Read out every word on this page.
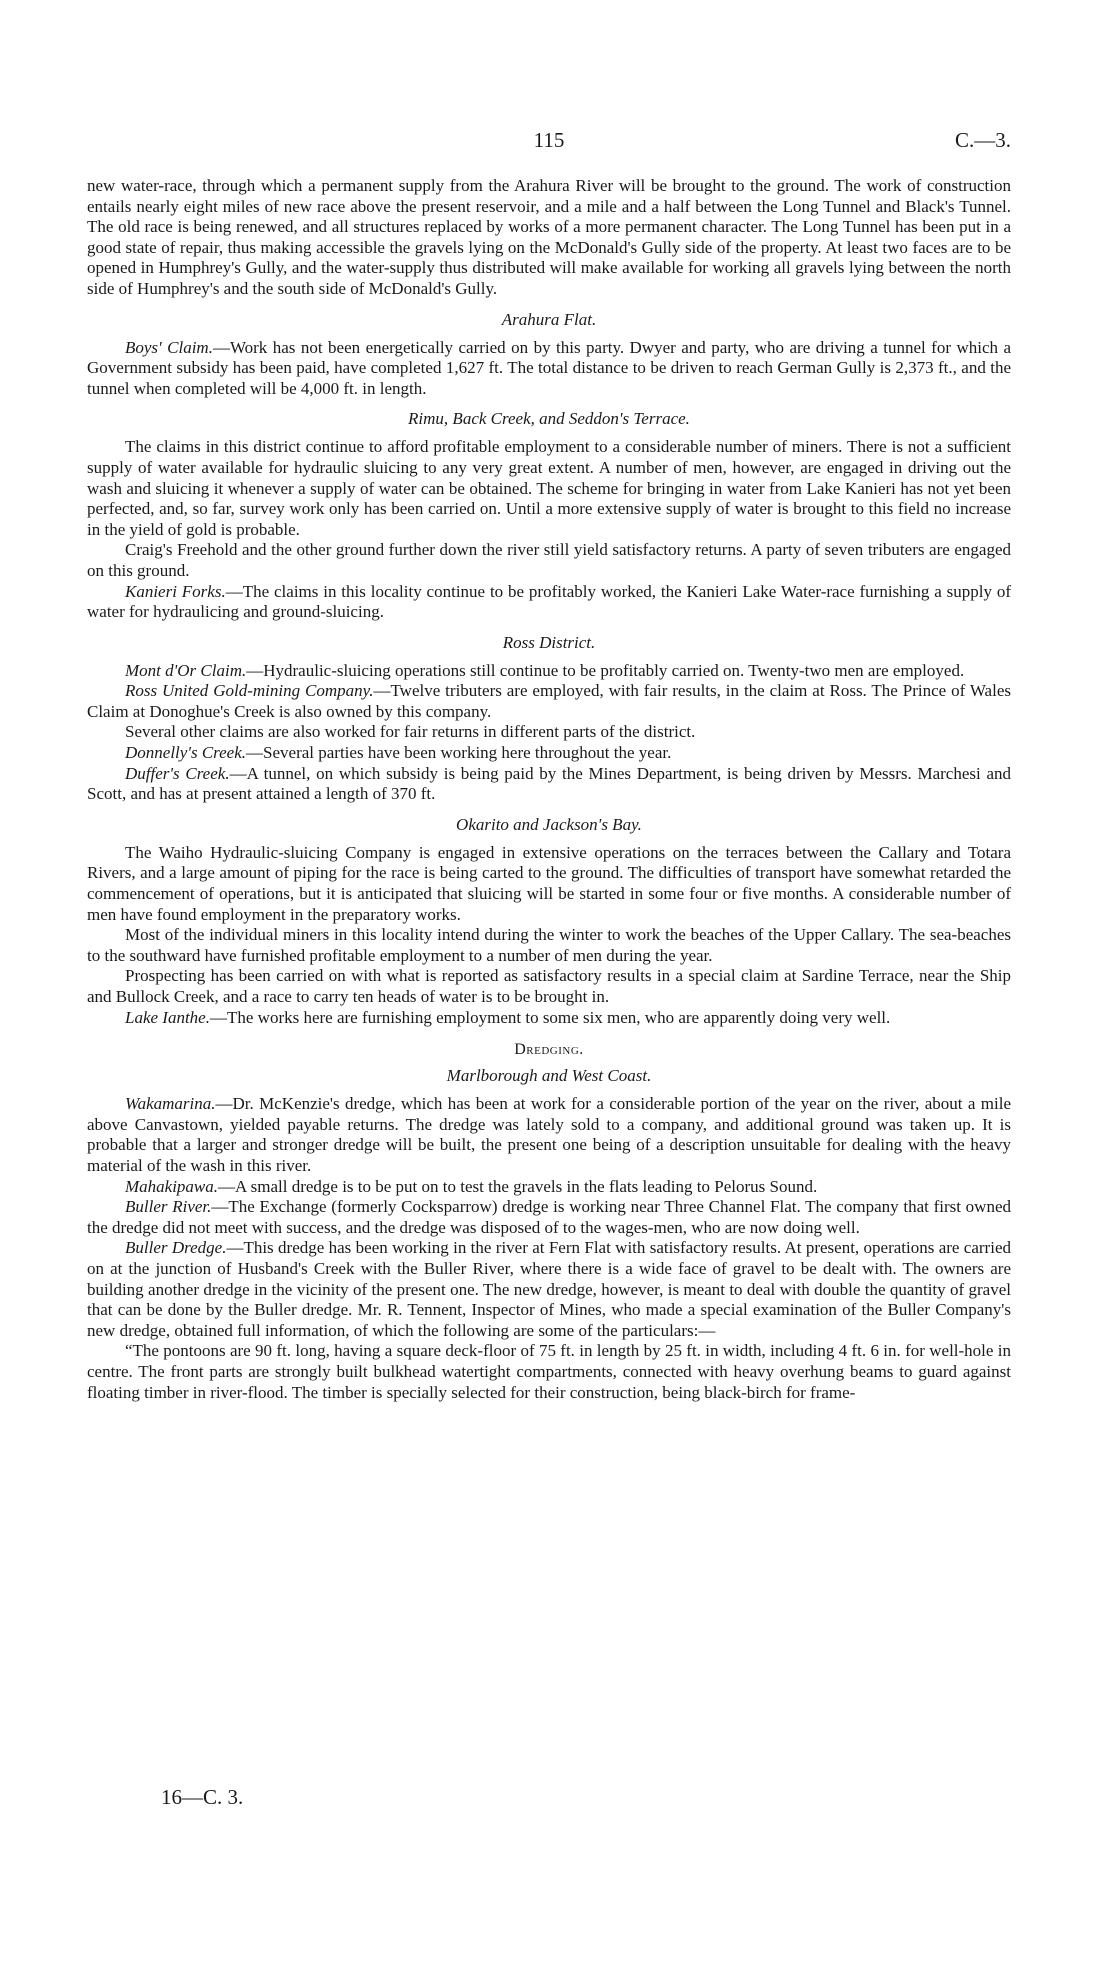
115	C.—3.

new water-race, through which a permanent supply from the Arahura River will be brought to the ground. The work of construction entails nearly eight miles of new race above the present reservoir, and a mile and a half between the Long Tunnel and Black's Tunnel. The old race is being renewed, and all structures replaced by works of a more permanent character. The Long Tunnel has been put in a good state of repair, thus making accessible the gravels lying on the McDonald's Gully side of the property. At least two faces are to be opened in Humphrey's Gully, and the water-supply thus distributed will make available for working all gravels lying between the north side of Humphrey's and the south side of McDonald's Gully.

Arahura Flat.

Boys' Claim.—Work has not been energetically carried on by this party. Dwyer and party, who are driving a tunnel for which a Government subsidy has been paid, have completed 1,627 ft. The total distance to be driven to reach German Gully is 2,373 ft., and the tunnel when completed will be 4,000 ft. in length.

Rimu, Back Creek, and Seddon's Terrace.

The claims in this district continue to afford profitable employment to a considerable number of miners. There is not a sufficient supply of water available for hydraulic sluicing to any very great extent. A number of men, however, are engaged in driving out the wash and sluicing it whenever a supply of water can be obtained. The scheme for bringing in water from Lake Kanieri has not yet been perfected, and, so far, survey work only has been carried on. Until a more extensive supply of water is brought to this field no increase in the yield of gold is probable.

Craig's Freehold and the other ground further down the river still yield satisfactory returns. A party of seven tributers are engaged on this ground.

Kanieri Forks.—The claims in this locality continue to be profitably worked, the Kanieri Lake Water-race furnishing a supply of water for hydraulicing and ground-sluicing.

Ross District.

Mont d'Or Claim.—Hydraulic-sluicing operations still continue to be profitably carried on. Twenty-two men are employed.

Ross United Gold-mining Company.—Twelve tributers are employed, with fair results, in the claim at Ross. The Prince of Wales Claim at Donoghue's Creek is also owned by this company.

Several other claims are also worked for fair returns in different parts of the district.

Donnelly's Creek.—Several parties have been working here throughout the year.

Duffer's Creek.—A tunnel, on which subsidy is being paid by the Mines Department, is being driven by Messrs. Marchesi and Scott, and has at present attained a length of 370 ft.

Okarito and Jackson's Bay.

The Waiho Hydraulic-sluicing Company is engaged in extensive operations on the terraces between the Callary and Totara Rivers, and a large amount of piping for the race is being carted to the ground. The difficulties of transport have somewhat retarded the commencement of operations, but it is anticipated that sluicing will be started in some four or five months. A considerable number of men have found employment in the preparatory works.

Most of the individual miners in this locality intend during the winter to work the beaches of the Upper Callary. The sea-beaches to the southward have furnished profitable employment to a number of men during the year.

Prospecting has been carried on with what is reported as satisfactory results in a special claim at Sardine Terrace, near the Ship and Bullock Creek, and a race to carry ten heads of water is to be brought in.

Lake Ianthe.—The works here are furnishing employment to some six men, who are apparently doing very well.

Dredging.
Marlborough and West Coast.

Wakamarina.—Dr. McKenzie's dredge, which has been at work for a considerable portion of the year on the river, about a mile above Canvastown, yielded payable returns. The dredge was lately sold to a company, and additional ground was taken up. It is probable that a larger and stronger dredge will be built, the present one being of a description unsuitable for dealing with the heavy material of the wash in this river.

Mahakipawa.—A small dredge is to be put on to test the gravels in the flats leading to Pelorus Sound.

Buller River.—The Exchange (formerly Cocksparrow) dredge is working near Three Channel Flat. The company that first owned the dredge did not meet with success, and the dredge was disposed of to the wages-men, who are now doing well.

Buller Dredge.—This dredge has been working in the river at Fern Flat with satisfactory results. At present, operations are carried on at the junction of Husband's Creek with the Buller River, where there is a wide face of gravel to be dealt with. The owners are building another dredge in the vicinity of the present one. The new dredge, however, is meant to deal with double the quantity of gravel that can be done by the Buller dredge. Mr. R. Tennent, Inspector of Mines, who made a special examination of the Buller Company's new dredge, obtained full information, of which the following are some of the particulars:—

“The pontoons are 90 ft. long, having a square deck-floor of 75 ft. in length by 25 ft. in width, including 4 ft. 6 in. for well-hole in centre. The front parts are strongly built bulkhead watertight compartments, connected with heavy overhung beams to guard against floating timber in river-flood. The timber is specially selected for their construction, being black-birch for frame-

16—C. 3.
